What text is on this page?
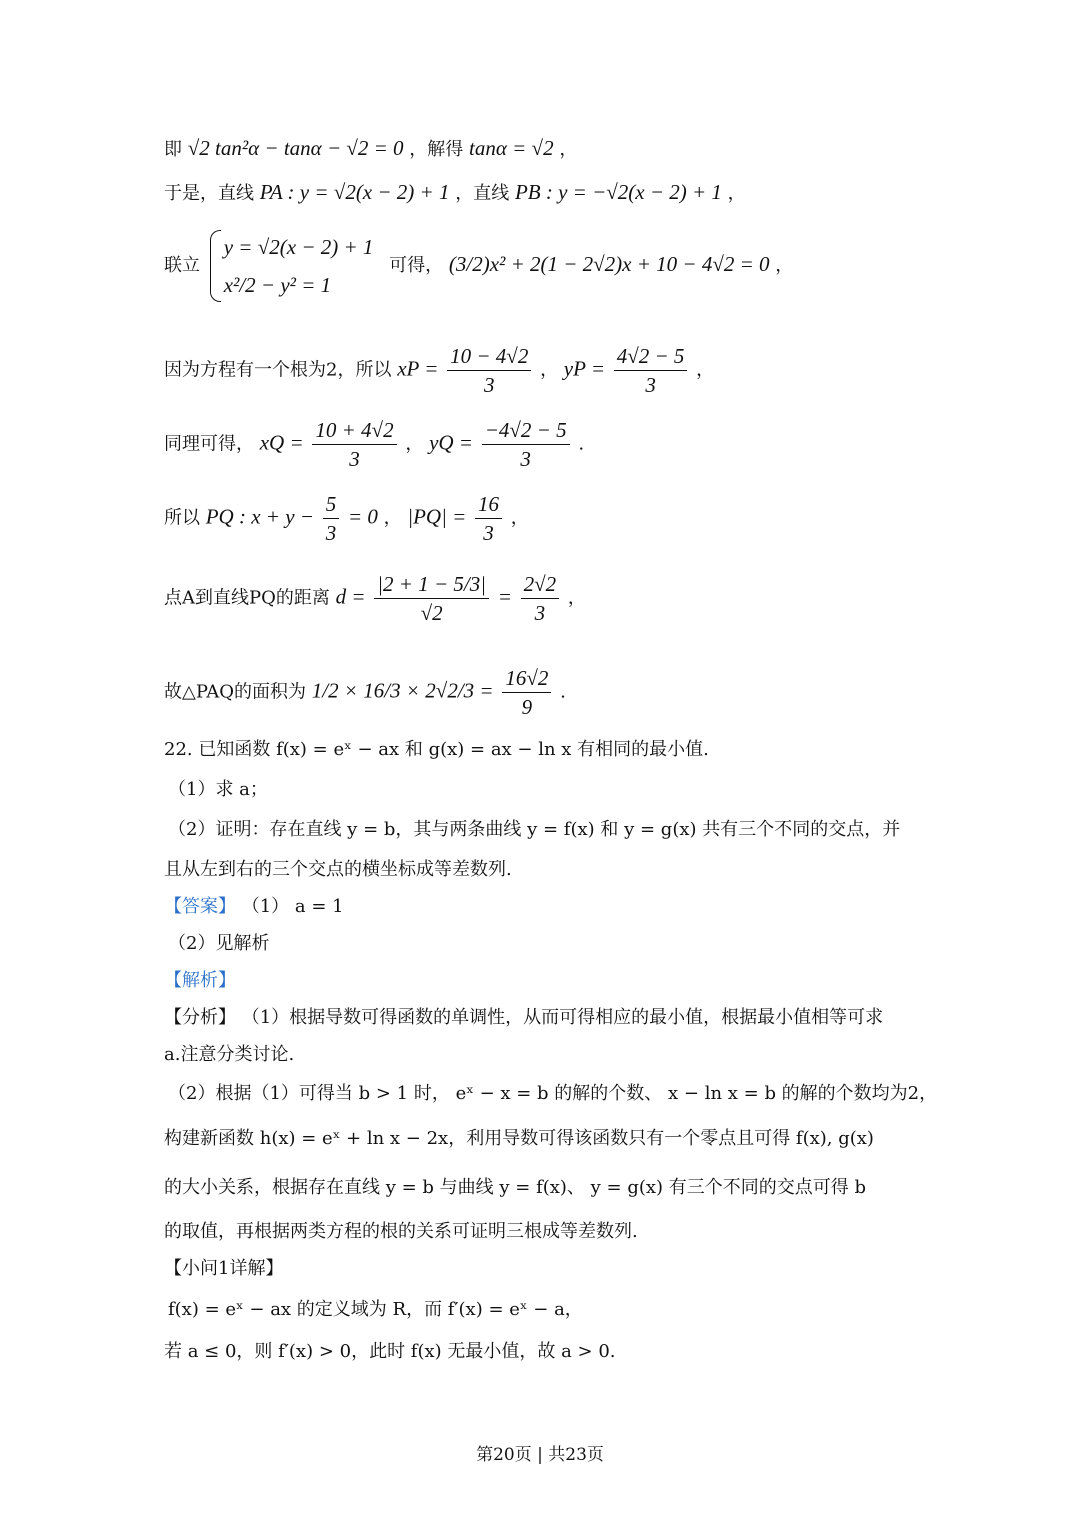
即 √2 tan²α − tanα − √2 = 0 ，解得 tanα = √2 ，
于是，直线 PA : y = √2(x − 2) + 1 ，直线 PB : y = −√2(x − 2) + 1 ，
联立
y = √2(x − 2) + 1
x²/2 − y² = 1
可得， (3/2)x² + 2(1 − 2√2)x + 10 − 4√2 = 0 ，
因为方程有一个根为2，所以 xP = $\frac{10 - 4√2}{3}$ ， yP = $\frac{4√2 - 5}{3}$ ，
同理可得， xQ = $\frac{10 + 4√2}{3}$ ， yQ = $\frac{-4√2 - 5}{3}$ .
所以 PQ : $x + y - \frac{5}{3} = 0$ ， $|PQ| = \frac{16}{3}$ ，
点A到直线PQ的距离 $d = \frac{|2 + 1 - 5/3|}{√2} = \frac{2√2}{3}$ ，
故△PAQ的面积为 $1/2 \times 16/3 \times 2√2/3 = \frac{16√2}{9}$ .
22. 已知函数 f(x) = eˣ − ax 和 g(x) = ax − ln x 有相同的最小值.
（1）求 a；
（2）证明：存在直线 y = b，其与两条曲线 y = f(x) 和 y = g(x) 共有三个不同的交点，并
且从左到右的三个交点的横坐标成等差数列.
【答案】 （1） a = 1
（2）见解析
【解析】
【分析】 （1）根据导数可得函数的单调性，从而可得相应的最小值，根据最小值相等可求
a.注意分类讨论.
（2）根据（1）可得当 b > 1 时， eˣ − x = b 的解的个数、 x − ln x = b 的解的个数均为2，
构建新函数 h(x) = eˣ + ln x − 2x，利用导数可得该函数只有一个零点且可得 f(x), g(x)
的大小关系，根据存在直线 y = b 与曲线 y = f(x)、 y = g(x) 有三个不同的交点可得 b
的取值，再根据两类方程的根的关系可证明三根成等差数列.
【小问1详解】
f(x) = eˣ − ax 的定义域为 R，而 f′(x) = eˣ − a，
若 a ≤ 0，则 f′(x) > 0，此时 f(x) 无最小值，故 a > 0.
第20页 | 共23页
